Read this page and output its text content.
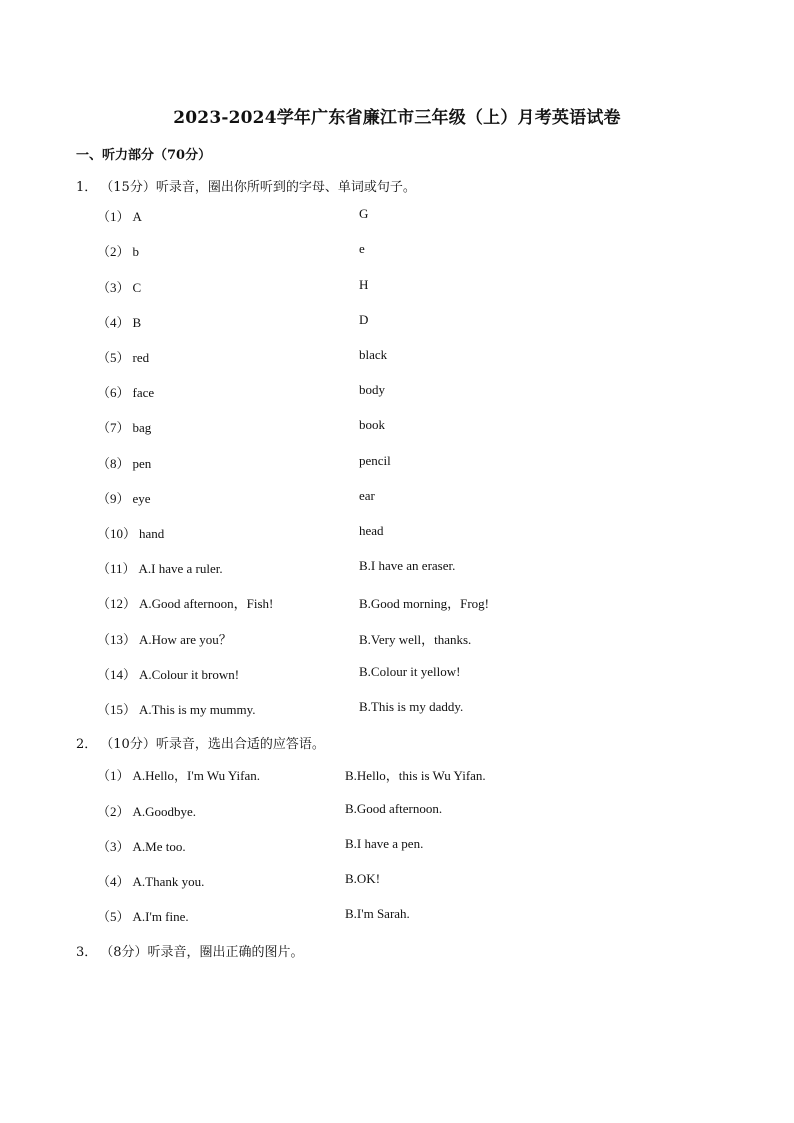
2023-2024学年广东省廉江市三年级（上）月考英语试卷
一、听力部分（70分）
1． （15分）听录音，圈出你所听到的字母、单词或句子。
（1） A	G
（2） b	e
（3） C	H
（4） B	D
（5） red	black
（6） face	body
（7） bag	book
（8） pen	pencil
（9） eye	ear
（10） hand	head
（11） A.I have a ruler.	B.I have an eraser.
（12） A.Good afternoon，Fish!	B.Good morning，Frog!
（13） A.How are you？	B.Very well，thanks.
（14） A.Colour it brown!	B.Colour it yellow!
（15） A.This is my mummy.	B.This is my daddy.
2． （10分）听录音，选出合适的应答语。
（1） A.Hello，I'm Wu Yifan.	B.Hello，this is Wu Yifan.
（2） A.Goodbye.	B.Good afternoon.
（3） A.Me too.	B.I have a pen.
（4） A.Thank you.	B.OK!
（5） A.I'm fine.	B.I'm Sarah.
3． （8分）听录音，圈出正确的图片。
